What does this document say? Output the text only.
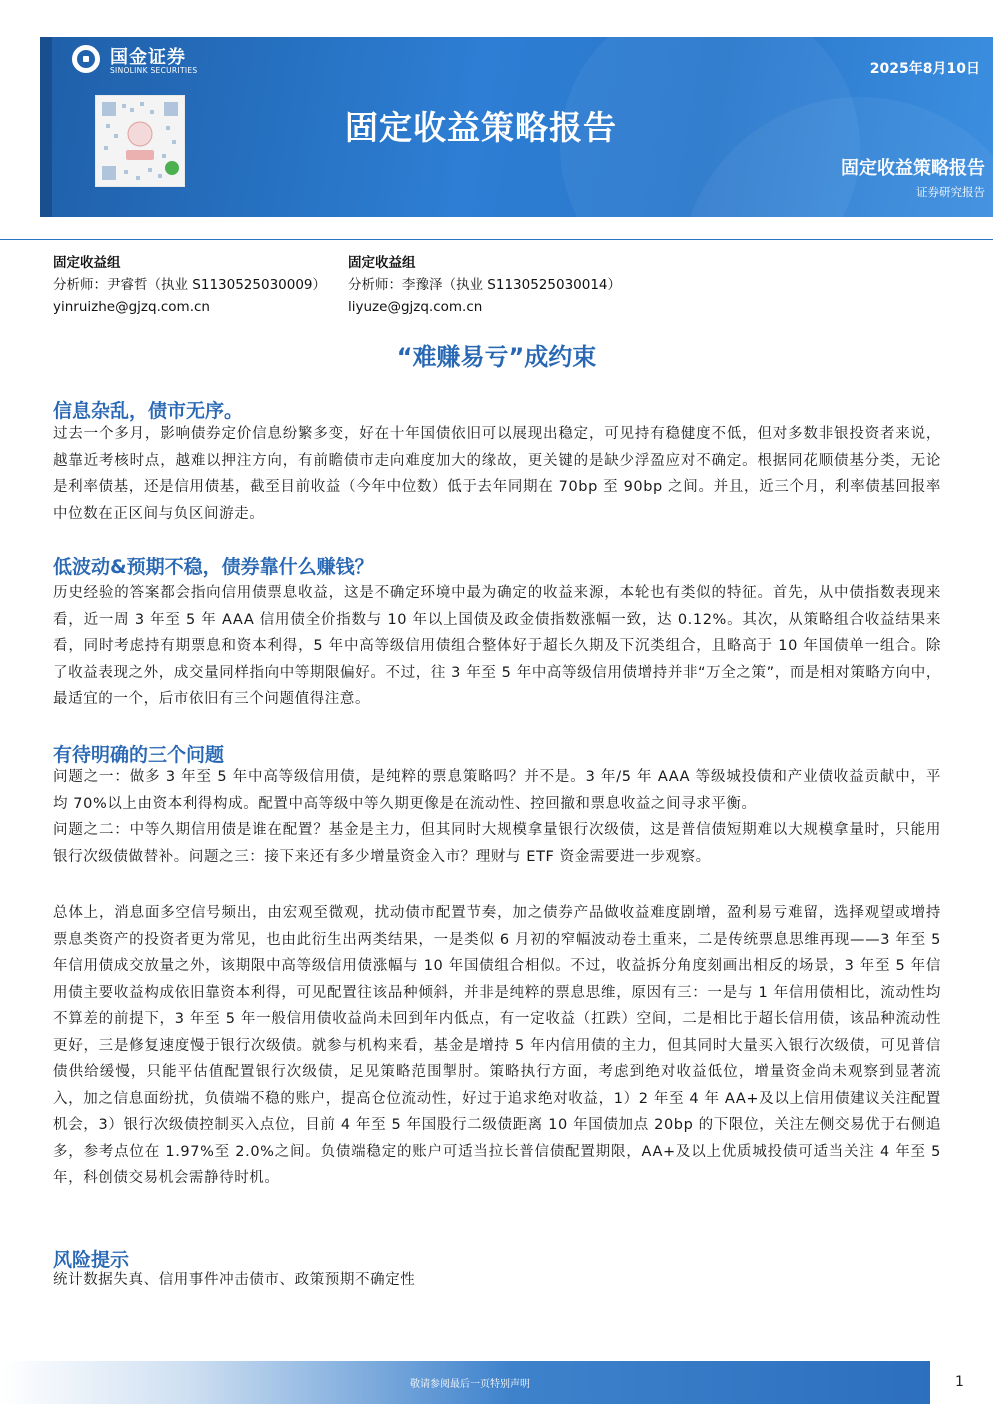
国金证券
SINOLINK SECURITIES	2025年8月10日
固定收益策略报告
固定收益策略报告
证券研究报告
固定收益组
分析师：尹睿哲（执业 S1130525030009）
yinruizhe@gjzq.com.cn
固定收益组
分析师：李豫泽（执业 S1130525030014）
liyuze@gjzq.com.cn
“难赚易亏”成约束
信息杂乱，债市无序。
过去一个多月，影响债券定价信息纷繁多变，好在十年国债依旧可以展现出稳定，可见持有稳健度不低，但对多数非银投资者来说，越靠近考核时点，越难以押注方向，有前瞻债市走向难度加大的缘故，更关键的是缺少浮盈应对不确定。根据同花顺债基分类，无论是利率债基，还是信用债基，截至目前收益（今年中位数）低于去年同期在 70bp 至 90bp 之间。并且，近三个月，利率债基回报率中位数在正区间与负区间游走。
低波动&预期不稳，债券靠什么赚钱？
历史经验的答案都会指向信用债票息收益，这是不确定环境中最为确定的收益来源，本轮也有类似的特征。首先，从中债指数表现来看，近一周 3 年至 5 年 AAA 信用债全价指数与 10 年以上国债及政金债指数涨幅一致，达 0.12%。其次，从策略组合收益结果来看，同时考虑持有期票息和资本利得，5 年中高等级信用债组合整体好于超长久期及下沉类组合，且略高于 10 年国债单一组合。除了收益表现之外，成交量同样指向中等期限偏好。不过，往 3 年至 5 年中高等级信用债增持并非“万全之策”，而是相对策略方向中，最适宜的一个，后市依旧有三个问题值得注意。
有待明确的三个问题
问题之一：做多 3 年至 5 年中高等级信用债，是纯粹的票息策略吗？并不是。3 年/5 年 AAA 等级城投债和产业债收益贡献中，平均 70%以上由资本利得构成。配置中高等级中等久期更像是在流动性、控回撤和票息收益之间寻求平衡。
问题之二：中等久期信用债是谁在配置？基金是主力，但其同时大规模拿量银行次级债，这是普信债短期难以大规模拿量时，只能用银行次级债做替补。问题之三：接下来还有多少增量资金入市？理财与 ETF 资金需要进一步观察。
总体上，消息面多空信号频出，由宏观至微观，扰动债市配置节奏，加之债券产品做收益难度剧增，盈利易亏难留，选择观望或增持票息类资产的投资者更为常见，也由此衍生出两类结果，一是类似 6 月初的窄幅波动卷土重来，二是传统票息思维再现——3 年至 5 年信用债成交放量之外，该期限中高等级信用债涨幅与 10 年国债组合相似。不过，收益拆分角度刻画出相反的场景，3 年至 5 年信用债主要收益构成依旧靠资本利得，可见配置往该品种倾斜，并非是纯粹的票息思维，原因有三：一是与 1 年信用债相比，流动性均不算差的前提下，3 年至 5 年一般信用债收益尚未回到年内低点，有一定收益（扛跌）空间，二是相比于超长信用债，该品种流动性更好，三是修复速度慢于银行次级债。就参与机构来看，基金是增持 5 年内信用债的主力，但其同时大量买入银行次级债，可见普信债供给缓慢，只能平估值配置银行次级债，足见策略范围掣肘。策略执行方面，考虑到绝对收益低位，增量资金尚未观察到显著流入，加之信息面纷扰，负债端不稳的账户，提高仓位流动性，好过于追求绝对收益，1）2 年至 4 年 AA+及以上信用债建议关注配置机会，3）银行次级债控制买入点位，目前 4 年至 5 年国股行二级债距离 10 年国债加点 20bp 的下限位，关注左侧交易优于右侧追多，参考点位在 1.97%至 2.0%之间。负债端稳定的账户可适当拉长普信债配置期限，AA+及以上优质城投债可适当关注 4 年至 5 年，科创债交易机会需静待时机。
风险提示
统计数据失真、信用事件冲击债市、政策预期不确定性
敬请参阅最后一页特别声明	1
